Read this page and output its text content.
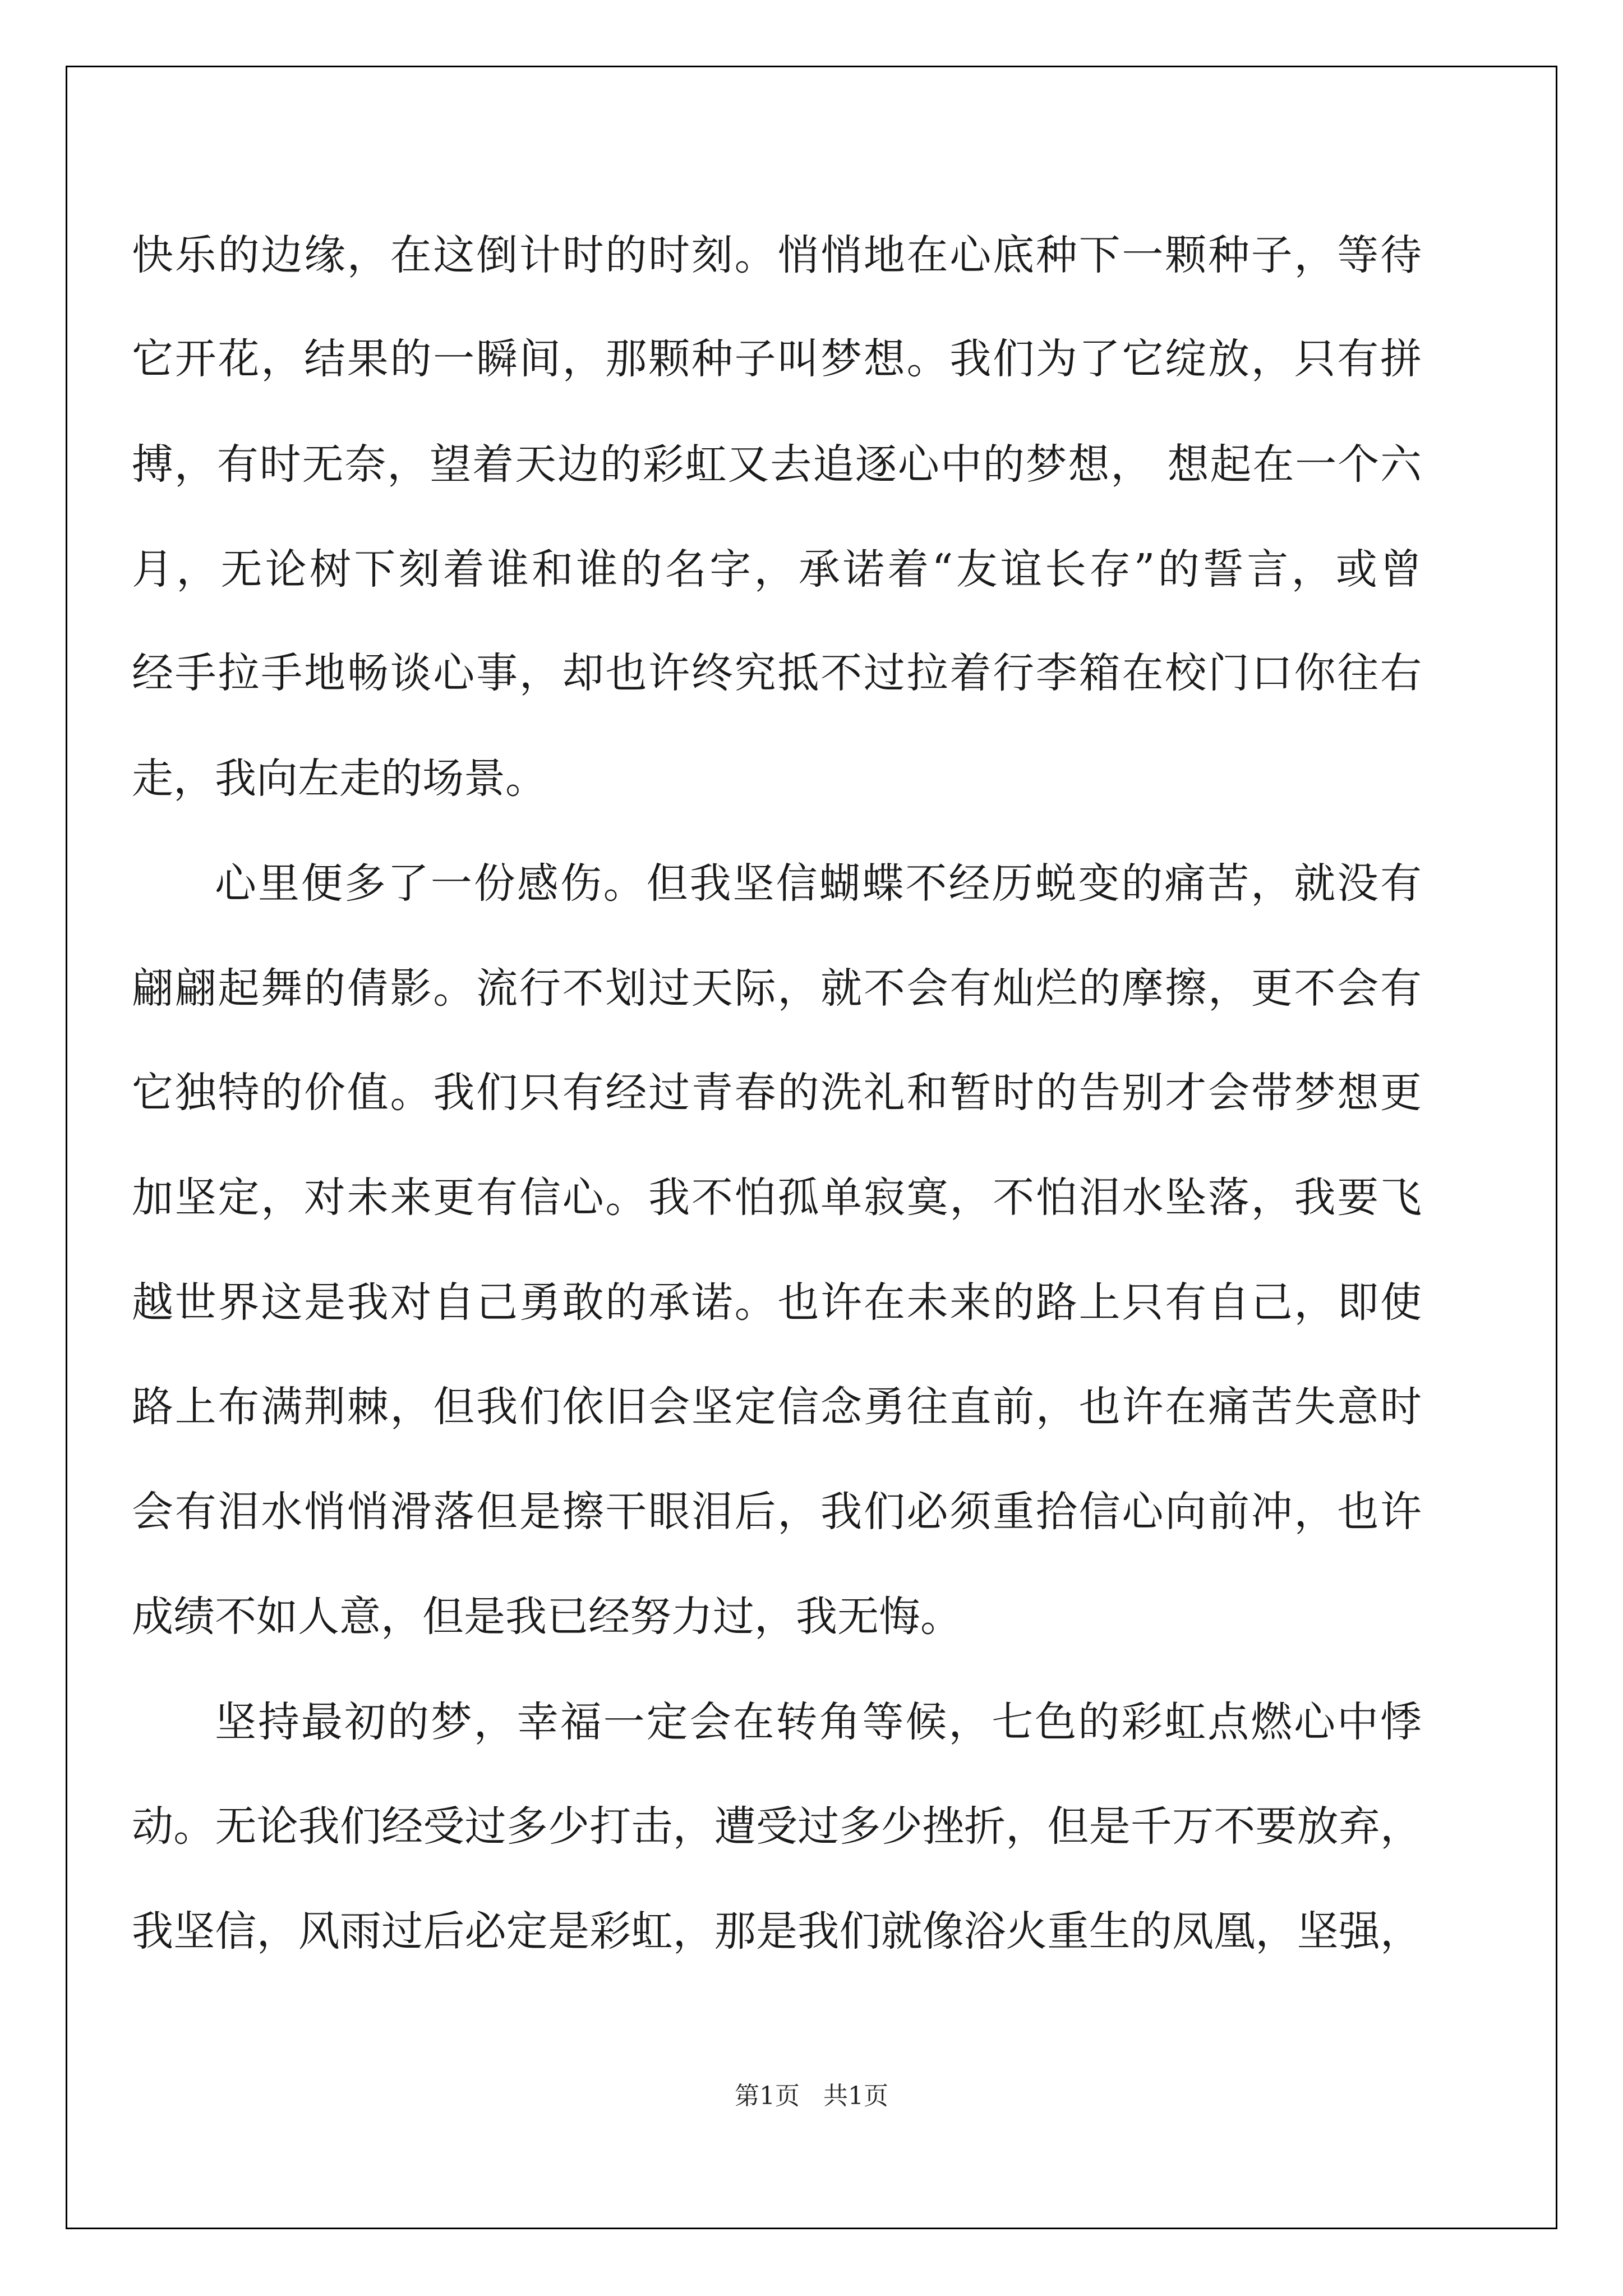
快乐的边缘，在这倒计时的时刻。悄悄地在心底种下一颗种子，等待
它开花，结果的一瞬间，那颗种子叫梦想。我们为了它绽放，只有拼
搏，有时无奈，望着天边的彩虹又去追逐心中的梦想， 想起在一个六
月，无论树下刻着谁和谁的名字，承诺着“友谊长存”的誓言，或曾
经手拉手地畅谈心事，却也许终究抵不过拉着行李箱在校门口你往右
走，我向左走的场景。
心里便多了一份感伤。但我坚信蝴蝶不经历蜕变的痛苦，就没有
翩翩起舞的倩影。流行不划过天际，就不会有灿烂的摩擦，更不会有
它独特的价值。我们只有经过青春的洗礼和暂时的告别才会带梦想更
加坚定，对未来更有信心。我不怕孤单寂寞，不怕泪水坠落，我要飞
越世界这是我对自己勇敢的承诺。也许在未来的路上只有自己，即使
路上布满荆棘，但我们依旧会坚定信念勇往直前，也许在痛苦失意时
会有泪水悄悄滑落但是擦干眼泪后，我们必须重拾信心向前冲，也许
成绩不如人意，但是我已经努力过，我无悔。
坚持最初的梦，幸福一定会在转角等候，七色的彩虹点燃心中悸
动。无论我们经受过多少打击，遭受过多少挫折，但是千万不要放弃，
我坚信，风雨过后必定是彩虹，那是我们就像浴火重生的凤凰，坚强，
第1页   共1页
